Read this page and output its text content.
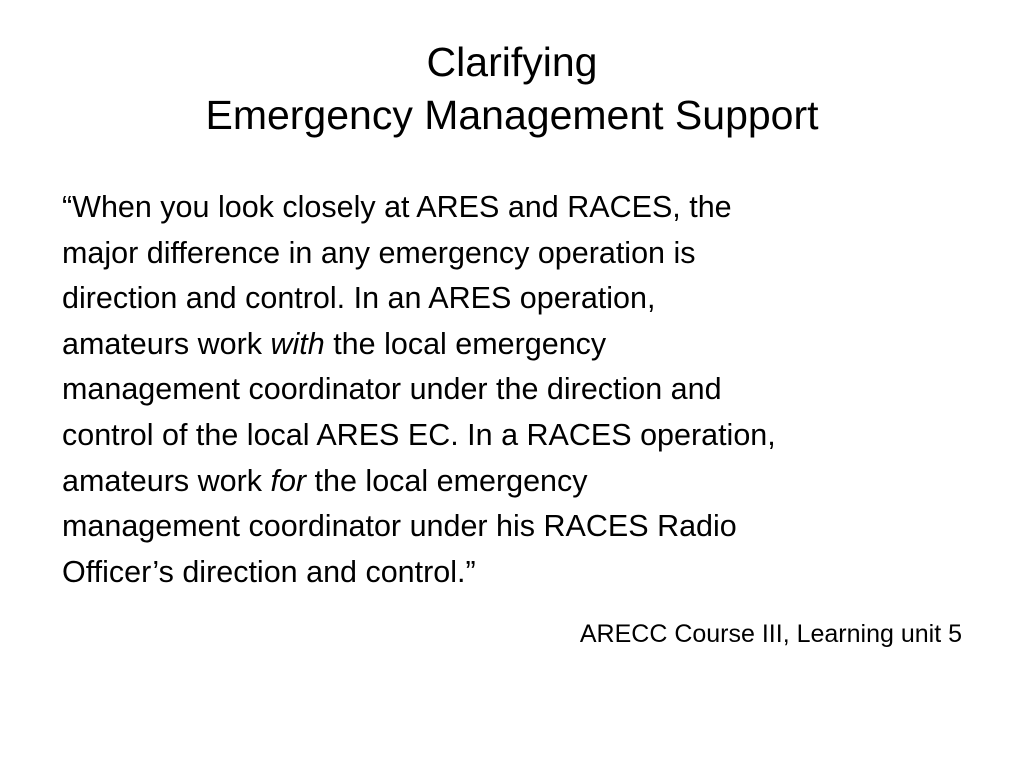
Clarifying
Emergency Management Support
“When you look closely at ARES and RACES, the
major difference in any emergency operation is
direction and control. In an ARES operation,
amateurs work with the local emergency
management coordinator under the direction and
control of the local ARES EC. In a RACES operation,
amateurs work for the local emergency
management coordinator under his RACES Radio
Officer’s direction and control.”
ARECC Course III, Learning unit 5
